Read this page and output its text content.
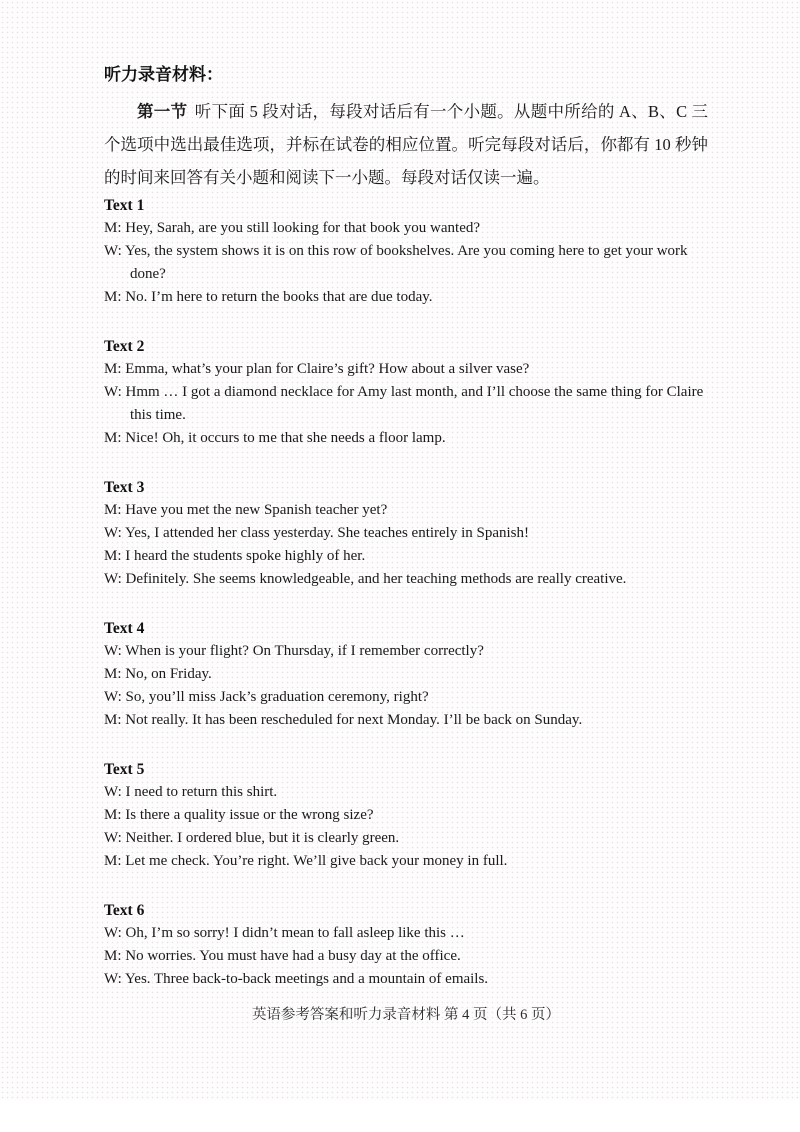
听力录音材料：

第一节 听下面 5 段对话，每段对话后有一个小题。从题中所给的 A、B、C 三个选项中选出最佳选项，并标在试卷的相应位置。听完每段对话后，你都有 10 秒钟的时间来回答有关小题和阅读下一小题。每段对话仅读一遍。

Text 1

M: Hey, Sarah, are you still looking for that book you wanted?

W: Yes, the system shows it is on this row of bookshelves. Are you coming here to get your work done?

M: No. I’m here to return the books that are due today.

Text 2

M: Emma, what’s your plan for Claire’s gift? How about a silver vase?

W: Hmm … I got a diamond necklace for Amy last month, and I’ll choose the same thing for Claire this time.

M: Nice! Oh, it occurs to me that she needs a floor lamp.

Text 3

M: Have you met the new Spanish teacher yet?

W: Yes, I attended her class yesterday. She teaches entirely in Spanish!

M: I heard the students spoke highly of her.

W: Definitely. She seems knowledgeable, and her teaching methods are really creative.

Text 4

W: When is your flight? On Thursday, if I remember correctly?

M: No, on Friday.

W: So, you’ll miss Jack’s graduation ceremony, right?

M: Not really. It has been rescheduled for next Monday. I’ll be back on Sunday.

Text 5

W: I need to return this shirt.

M: Is there a quality issue or the wrong size?

W: Neither. I ordered blue, but it is clearly green.

M: Let me check. You’re right. We’ll give back your money in full.

Text 6

W: Oh, I’m so sorry! I didn’t mean to fall asleep like this …

M: No worries. You must have had a busy day at the office.

W: Yes. Three back-to-back meetings and a mountain of emails.

英语参考答案和听力录音材料 第 4 页（共 6 页）
